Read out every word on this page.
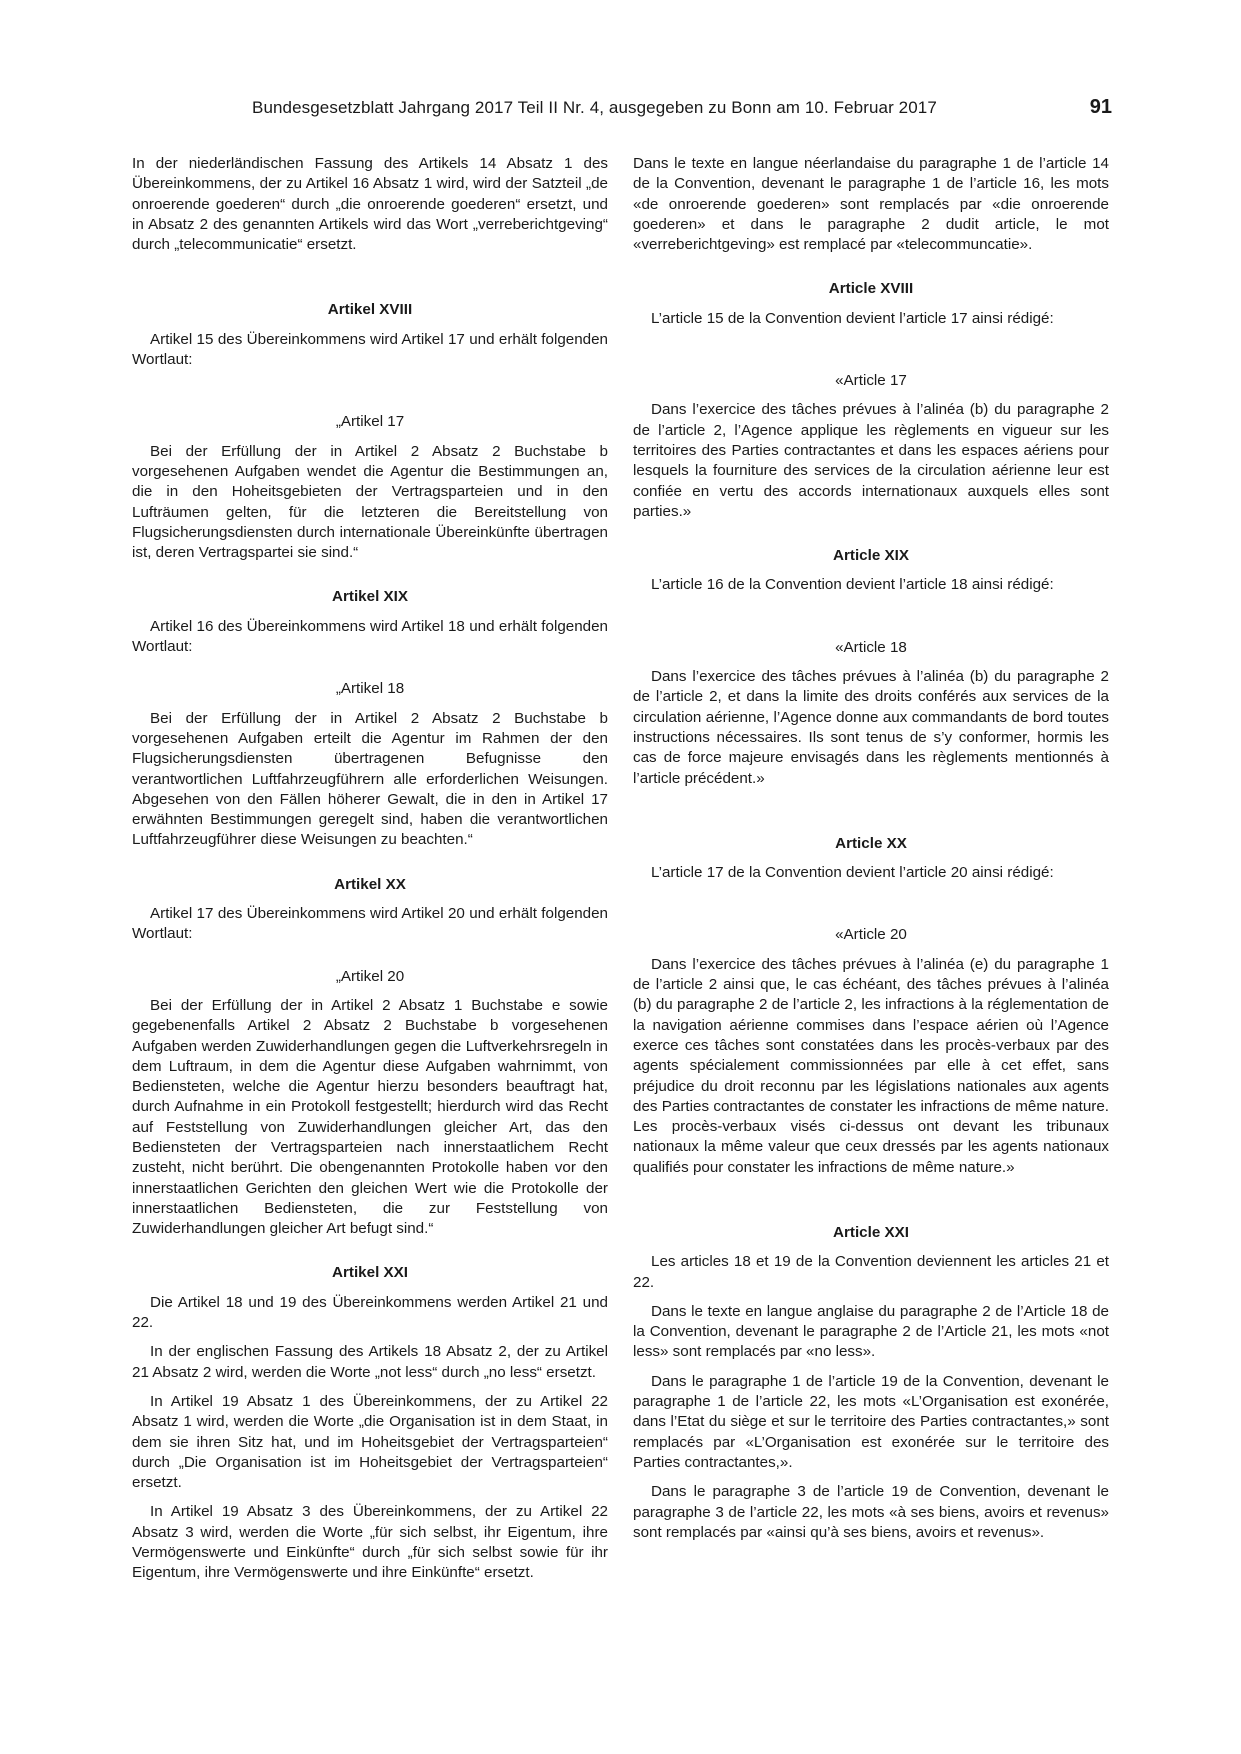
Bundesgesetzblatt Jahrgang 2017 Teil II Nr. 4, ausgegeben zu Bonn am 10. Februar 2017	91

In der niederländischen Fassung des Artikels 14 Absatz 1 des Übereinkommens, der zu Artikel 16 Absatz 1 wird, wird der Satzteil „de onroerende goederen“ durch „die onroerende goederen“ ersetzt, und in Absatz 2 des genannten Artikels wird das Wort „verreberichtgeving“ durch „telecommunicatie“ ersetzt.

Artikel XVIII

Artikel 15 des Übereinkommens wird Artikel 17 und erhält folgenden Wortlaut:

„Artikel 17

Bei der Erfüllung der in Artikel 2 Absatz 2 Buchstabe b vorgesehenen Aufgaben wendet die Agentur die Bestimmungen an, die in den Hoheitsgebieten der Vertragsparteien und in den Lufträumen gelten, für die letzteren die Bereitstellung von Flugsicherungsdiensten durch internationale Übereinkünfte übertragen ist, deren Vertragspartei sie sind.“

Artikel XIX

Artikel 16 des Übereinkommens wird Artikel 18 und erhält folgenden Wortlaut:

„Artikel 18

Bei der Erfüllung der in Artikel 2 Absatz 2 Buchstabe b vorgesehenen Aufgaben erteilt die Agentur im Rahmen der den Flugsicherungsdiensten übertragenen Befugnisse den verantwortlichen Luftfahrzeugführern alle erforderlichen Weisungen. Abgesehen von den Fällen höherer Gewalt, die in den in Artikel 17 erwähnten Bestimmungen geregelt sind, haben die verantwortlichen Luftfahrzeugführer diese Weisungen zu beachten.“

Artikel XX

Artikel 17 des Übereinkommens wird Artikel 20 und erhält folgenden Wortlaut:

„Artikel 20

Bei der Erfüllung der in Artikel 2 Absatz 1 Buchstabe e sowie gegebenenfalls Artikel 2 Absatz 2 Buchstabe b vorgesehenen Aufgaben werden Zuwiderhandlungen gegen die Luftverkehrsregeln in dem Luftraum, in dem die Agentur diese Aufgaben wahrnimmt, von Bediensteten, welche die Agentur hierzu besonders beauftragt hat, durch Aufnahme in ein Protokoll festgestellt; hierdurch wird das Recht auf Feststellung von Zuwiderhandlungen gleicher Art, das den Bediensteten der Vertragsparteien nach innerstaatlichem Recht zusteht, nicht berührt. Die obengenannten Protokolle haben vor den innerstaatlichen Gerichten den gleichen Wert wie die Protokolle der innerstaatlichen Bediensteten, die zur Feststellung von Zuwiderhandlungen gleicher Art befugt sind.“

Artikel XXI

Die Artikel 18 und 19 des Übereinkommens werden Artikel 21 und 22.

In der englischen Fassung des Artikels 18 Absatz 2, der zu Artikel 21 Absatz 2 wird, werden die Worte „not less“ durch „no less“ ersetzt.

In Artikel 19 Absatz 1 des Übereinkommens, der zu Artikel 22 Absatz 1 wird, werden die Worte „die Organisation ist in dem Staat, in dem sie ihren Sitz hat, und im Hoheitsgebiet der Vertragsparteien“ durch „Die Organisation ist im Hoheitsgebiet der Vertragsparteien“ ersetzt.

In Artikel 19 Absatz 3 des Übereinkommens, der zu Artikel 22 Absatz 3 wird, werden die Worte „für sich selbst, ihr Eigentum, ihre Vermögenswerte und Einkünfte“ durch „für sich selbst sowie für ihr Eigentum, ihre Vermögenswerte und ihre Einkünfte“ ersetzt.

Dans le texte en langue néerlandaise du paragraphe 1 de l’article 14 de la Convention, devenant le paragraphe 1 de l’article 16, les mots «de onroerende goederen» sont remplacés par «die onroerende goederen» et dans le paragraphe 2 dudit article, le mot «verreberichtgeving» est remplacé par «telecommuncatie».

Article XVIII

L’article 15 de la Convention devient l’article 17 ainsi rédigé:

«Article 17

Dans l’exercice des tâches prévues à l’alinéa (b) du paragraphe 2 de l’article 2, l’Agence applique les règlements en vigueur sur les territoires des Parties contractantes et dans les espaces aériens pour lesquels la fourniture des services de la circulation aérienne leur est confiée en vertu des accords internationaux auxquels elles sont parties.»

Article XIX

L’article 16 de la Convention devient l’article 18 ainsi rédigé:

«Article 18

Dans l’exercice des tâches prévues à l’alinéa (b) du paragraphe 2 de l’article 2, et dans la limite des droits conférés aux services de la circulation aérienne, l’Agence donne aux commandants de bord toutes instructions nécessaires. Ils sont tenus de s’y conformer, hormis les cas de force majeure envisagés dans les règlements mentionnés à l’article précédent.»

Article XX

L’article 17 de la Convention devient l’article 20 ainsi rédigé:

«Article 20

Dans l’exercice des tâches prévues à l’alinéa (e) du paragraphe 1 de l’article 2 ainsi que, le cas échéant, des tâches prévues à l’alinéa (b) du paragraphe 2 de l’article 2, les infractions à la réglementation de la navigation aérienne commises dans l’espace aérien où l’Agence exerce ces tâches sont constatées dans les procès-verbaux par des agents spécialement commissionnées par elle à cet effet, sans préjudice du droit reconnu par les législations nationales aux agents des Parties contractantes de constater les infractions de même nature. Les procès-verbaux visés ci-dessus ont devant les tribunaux nationaux la même valeur que ceux dressés par les agents nationaux qualifiés pour constater les infractions de même nature.»

Article XXI

Les articles 18 et 19 de la Convention deviennent les articles 21 et 22.

Dans le texte en langue anglaise du paragraphe 2 de l’Article 18 de la Convention, devenant le paragraphe 2 de l’Article 21, les mots «not less» sont remplacés par «no less».

Dans le paragraphe 1 de l’article 19 de la Convention, devenant le paragraphe 1 de l’article 22, les mots «L’Organisation est exonérée, dans l’Etat du siège et sur le territoire des Parties contractantes,» sont remplacés par «L’Organisation est exonérée sur le territoire des Parties contractantes,».

Dans le paragraphe 3 de l’article 19 de Convention, devenant le paragraphe 3 de l’article 22, les mots «à ses biens, avoirs et revenus» sont remplacés par «ainsi qu’à ses biens, avoirs et revenus».
